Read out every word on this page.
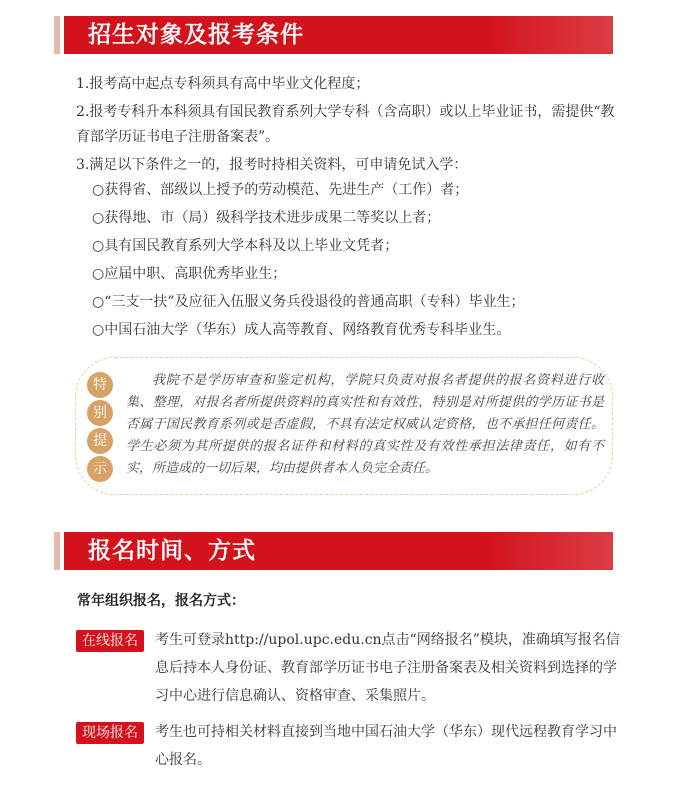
招生对象及报考条件
1.报考高中起点专科须具有高中毕业文化程度；
2.报考专科升本科须具有国民教育系列大学专科（含高职）或以上毕业证书，需提供“教育部学历证书电子注册备案表”。
3.满足以下条件之一的，报考时持相关资料，可申请免试入学：
○获得省、部级以上授予的劳动模范、先进生产（工作）者；
○获得地、市（局）级科学技术进步成果二等奖以上者；
○具有国民教育系列大学本科及以上毕业文凭者；
○应届中职、高职优秀毕业生；
○“三支一扶”及应征入伍服义务兵役退役的普通高职（专科）毕业生；
○中国石油大学（华东）成人高等教育、网络教育优秀专科毕业生。
特
别
提
示

我院不是学历审查和鉴定机构，学院只负责对报名者提供的报名资料进行收集、整理，对报名者所提供资料的真实性和有效性，特别是对所提供的学历证书是否属于国民教育系列或是否虚假，不具有法定权威认定资格，也不承担任何责任。学生必须为其所提供的报名证件和材料的真实性及有效性承担法律责任，如有不实，所造成的一切后果，均由提供者本人负完全责任。

报名时间、方式
常年组织报名，报名方式：
在线报名	考生可登录http://upol.upc.edu.cn点击“网络报名”模块，准确填写报名信息后持本人身份证、教育部学历证书电子注册备案表及相关资料到选择的学习中心进行信息确认、资格审查、采集照片。

现场报名	考生也可持相关材料直接到当地中国石油大学（华东）现代远程教育学习中心报名。
